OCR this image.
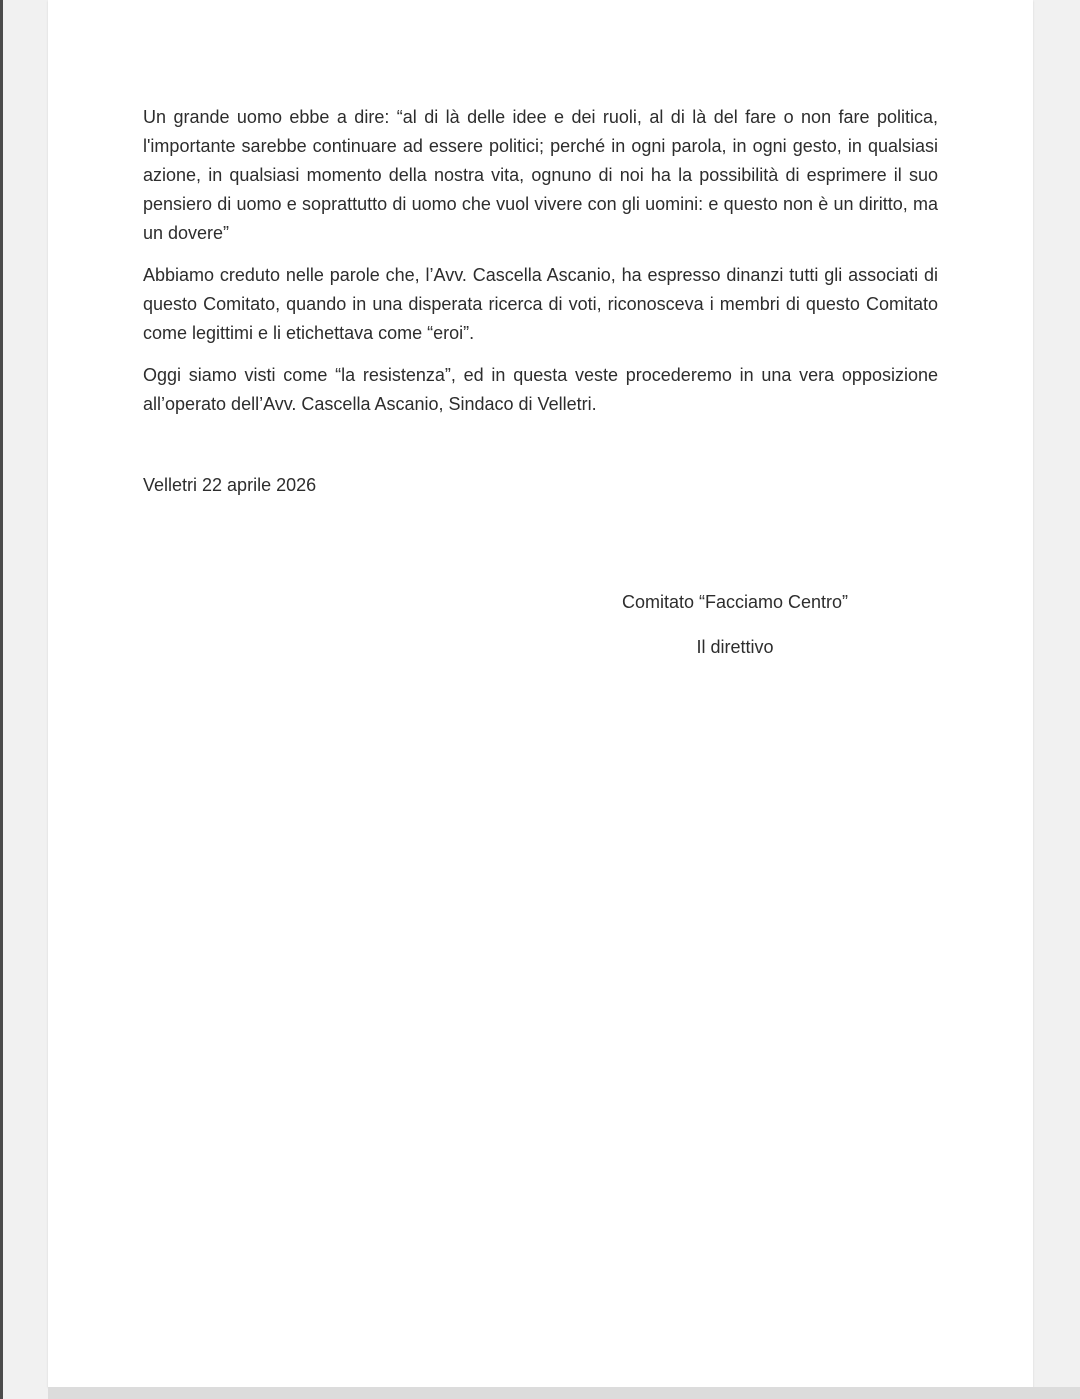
Un grande uomo ebbe a dire: “al di là delle idee e dei ruoli, al di là del fare o non fare politica, l'importante sarebbe continuare ad essere politici; perché in ogni parola, in ogni gesto, in qualsiasi azione, in qualsiasi momento della nostra vita, ognuno di noi ha la possibilità di esprimere il suo pensiero di uomo e soprattutto di uomo che vuol vivere con gli uomini: e questo non è un diritto, ma un dovere”

Abbiamo creduto nelle parole che, l’Avv. Cascella Ascanio, ha espresso dinanzi tutti gli associati di questo Comitato, quando in una disperata ricerca di voti, riconosceva i membri di questo Comitato come legittimi e li etichettava come “eroi”.

Oggi siamo visti come “la resistenza”, ed in questa veste procederemo in una vera opposizione all’operato dell’Avv. Cascella Ascanio, Sindaco di Velletri.

Velletri 22 aprile 2026

Comitato “Facciamo Centro”

Il direttivo
